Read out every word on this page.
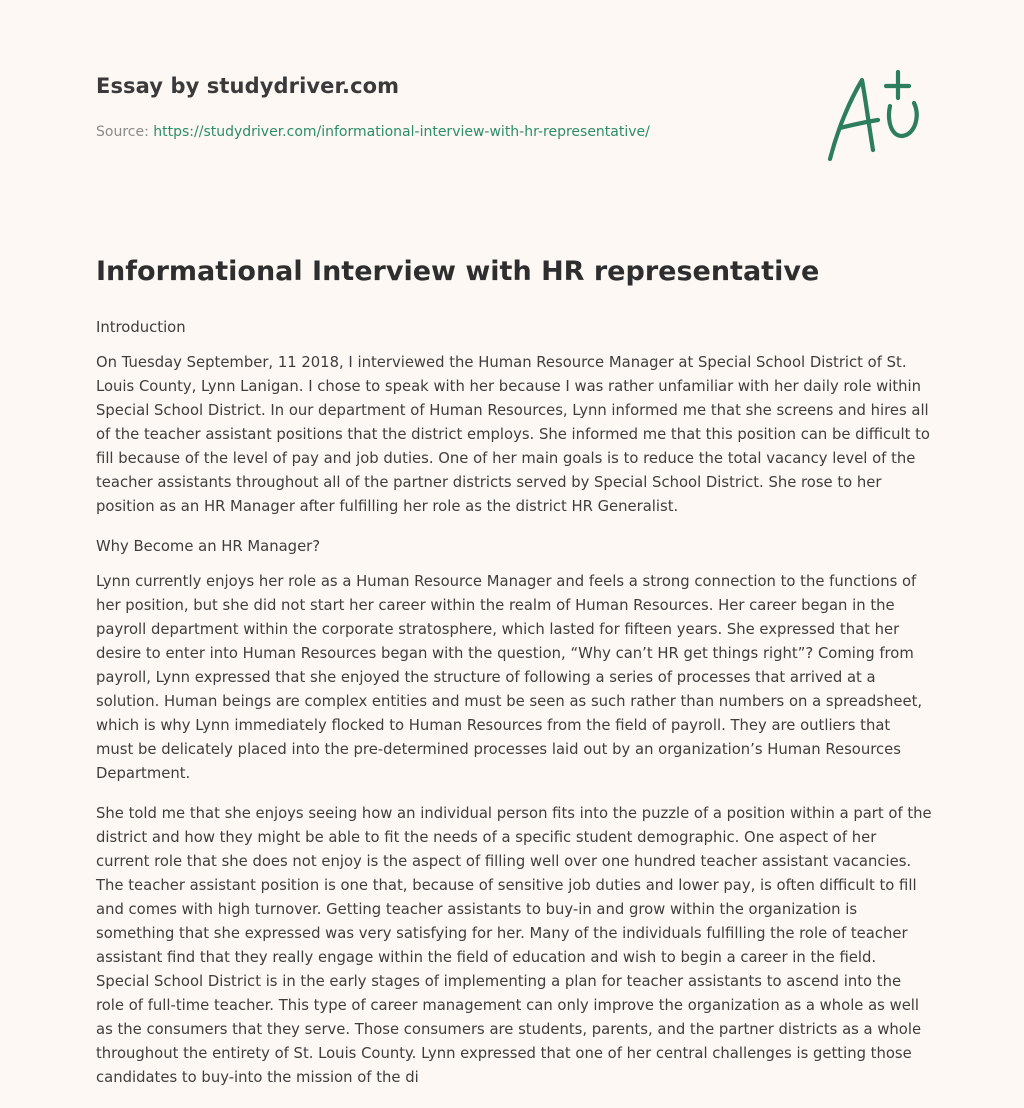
Essay by studydriver.com
Source: https://studydriver.com/informational-interview-with-hr-representative/
Informational Interview with HR representative
Introduction

On Tuesday September, 11 2018, I interviewed the Human Resource Manager at Special School District of St. Louis County, Lynn Lanigan. I chose to speak with her because I was rather unfamiliar with her daily role within Special School District. In our department of Human Resources, Lynn informed me that she screens and hires all of the teacher assistant positions that the district employs. She informed me that this position can be difficult to fill because of the level of pay and job duties. One of her main goals is to reduce the total vacancy level of the teacher assistants throughout all of the partner districts served by Special School District. She rose to her position as an HR Manager after fulfilling her role as the district HR Generalist.

Why Become an HR Manager?

Lynn currently enjoys her role as a Human Resource Manager and feels a strong connection to the functions of her position, but she did not start her career within the realm of Human Resources. Her career began in the payroll department within the corporate stratosphere, which lasted for fifteen years. She expressed that her desire to enter into Human Resources began with the question, “Why can’t HR get things right”? Coming from payroll, Lynn expressed that she enjoyed the structure of following a series of processes that arrived at a solution. Human beings are complex entities and must be seen as such rather than numbers on a spreadsheet, which is why Lynn immediately flocked to Human Resources from the field of payroll. They are outliers that must be delicately placed into the pre-determined processes laid out by an organization’s Human Resources Department.

She told me that she enjoys seeing how an individual person fits into the puzzle of a position within a part of the district and how they might be able to fit the needs of a specific student demographic. One aspect of her current role that she does not enjoy is the aspect of filling well over one hundred teacher assistant vacancies. The teacher assistant position is one that, because of sensitive job duties and lower pay, is often difficult to fill and comes with high turnover. Getting teacher assistants to buy-in and grow within the organization is something that she expressed was very satisfying for her. Many of the individuals fulfilling the role of teacher assistant find that they really engage within the field of education and wish to begin a career in the field. Special School District is in the early stages of implementing a plan for teacher assistants to ascend into the role of full-time teacher. This type of career management can only improve the organization as a whole as well as the consumers that they serve. Those consumers are students, parents, and the partner districts as a whole throughout the entirety of St. Louis County. Lynn expressed that one of her central challenges is getting those candidates to buy-into the mission of the di
